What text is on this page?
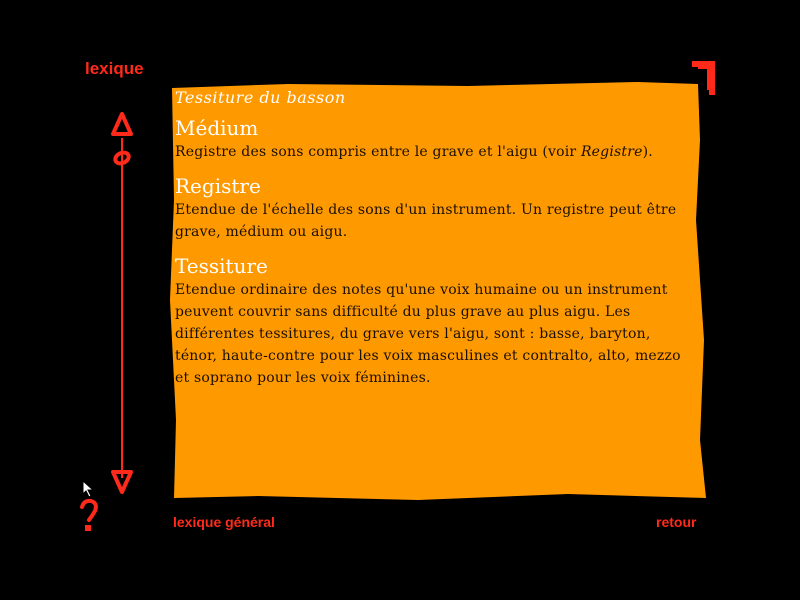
lexique
Tessiture du basson
Médium

Registre des sons compris entre le grave et l'aigu (voir Registre).

Registre

Etendue de l'échelle des sons d'un instrument. Un registre peut être grave, médium ou aigu.

Tessiture

Etendue ordinaire des notes qu'une voix humaine ou un instrument peuvent couvrir sans difficulté du plus grave au plus aigu. Les différentes tessitures, du grave vers l'aigu, sont : basse, baryton, ténor, haute-contre pour les voix masculines et contralto, alto, mezzo et soprano pour les voix féminines.

lexique général	retour
